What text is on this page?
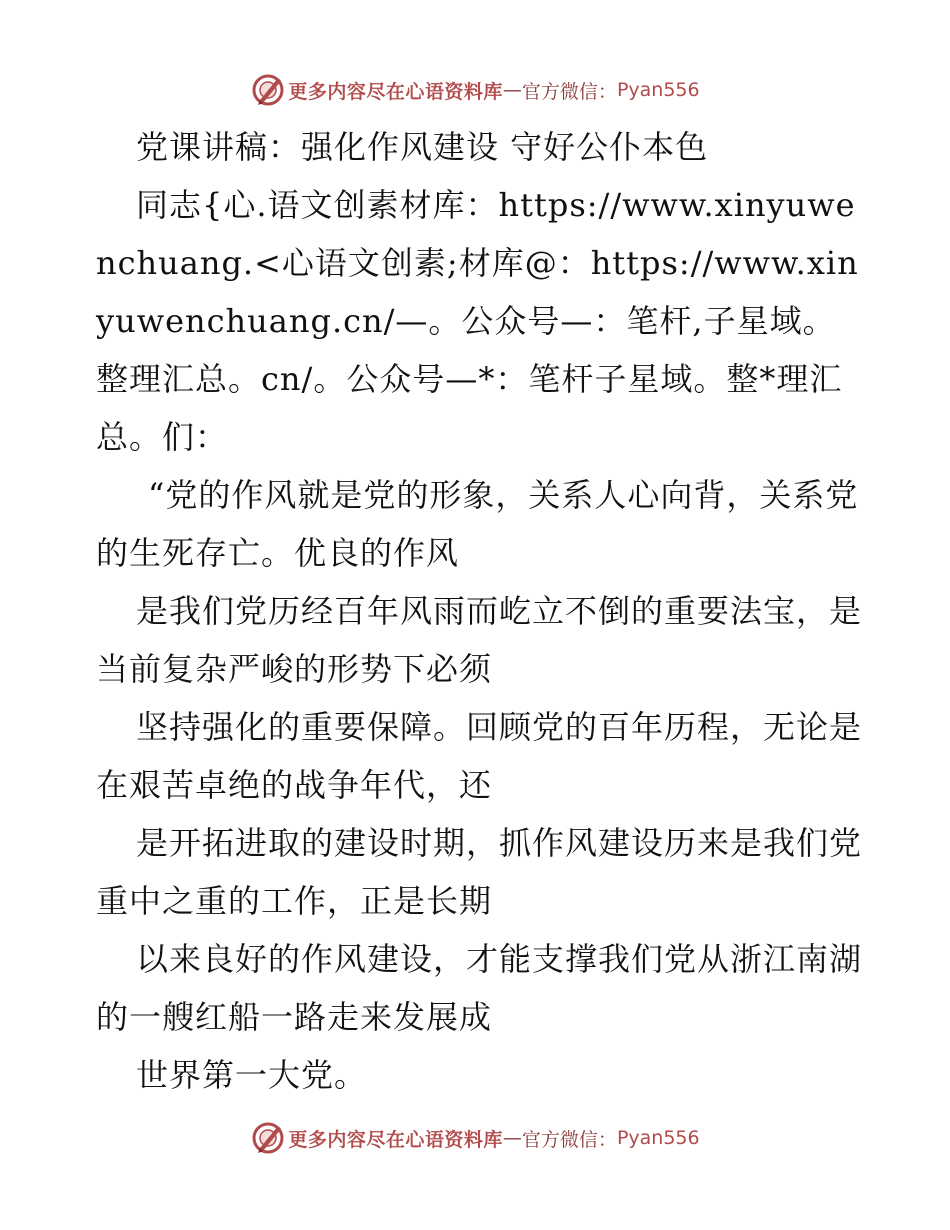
更多内容尽在心语资料库 — 官方微信： Pyan556

党课讲稿：强化作风建设 守好公仆本色

同志{心.语文创素材库：https://www.xinyuwenchuang.<心语文创素;材库@：https://www.xinyuwenchuang.cn/—。公众号—：笔杆,子星域。整理汇总。cn/。公众号—*：笔杆子星域。整*理汇总。们：

“党的作风就是党的形象，关系人心向背，关系党的生死存亡。优良的作风

是我们党历经百年风雨而屹立不倒的重要法宝，是当前复杂严峻的形势下必须

坚持强化的重要保障。回顾党的百年历程，无论是在艰苦卓绝的战争年代，还

是开拓进取的建设时期，抓作风建设历来是我们党重中之重的工作，正是长期

以来良好的作风建设，才能支撑我们党从浙江南湖的一艘红船一路走来发展成

世界第一大党。

更多内容尽在心语资料库 — 官方微信： Pyan556
